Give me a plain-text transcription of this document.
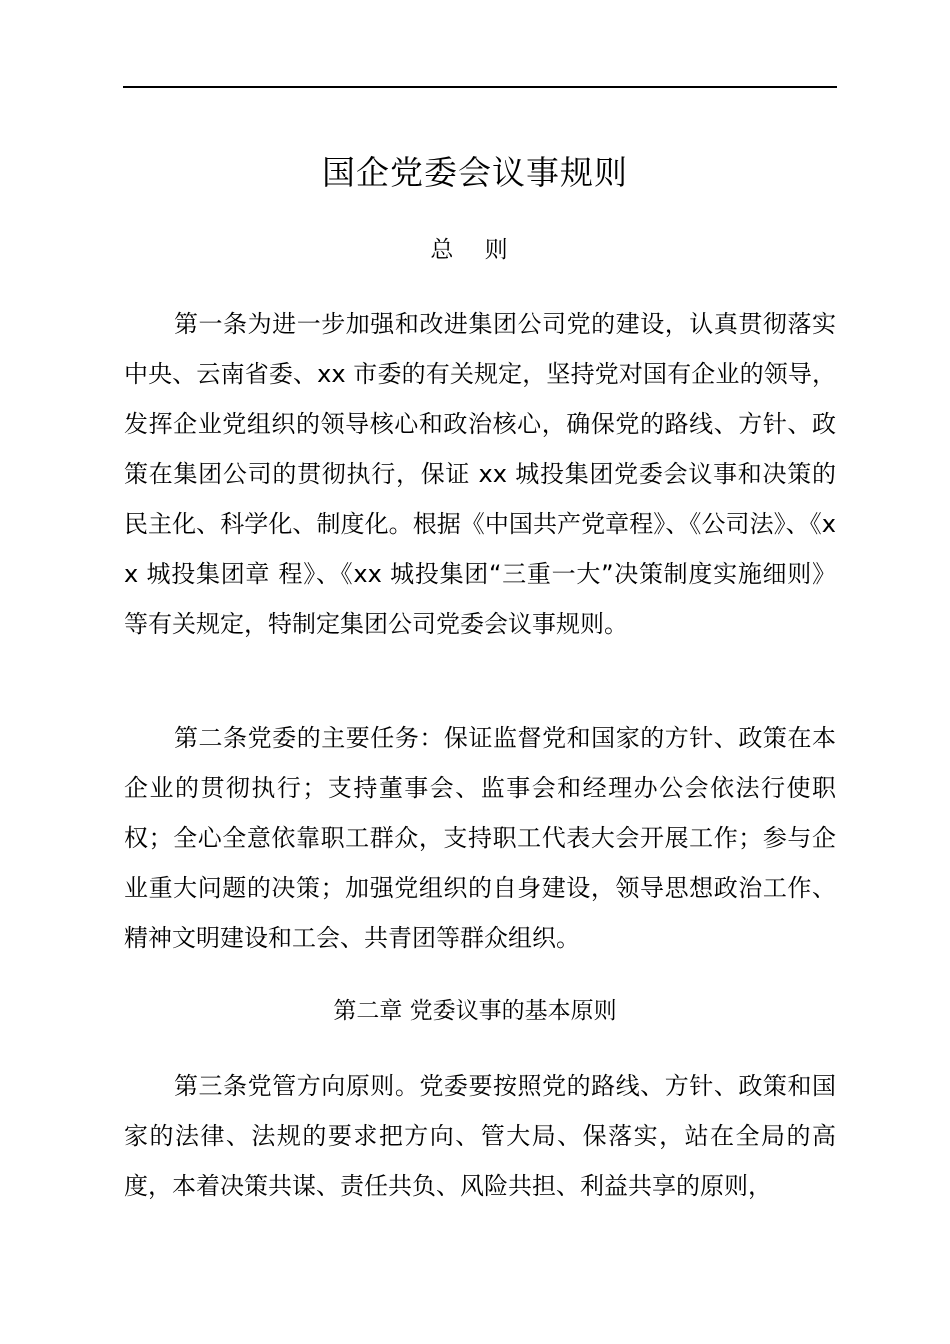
国企党委会议事规则
总 则

第一条为进一步加强和改进集团公司党的建设，认真贯彻落实中央、云南省委、xx 市委的有关规定，坚持党对国有企业的领导，发挥企业党组织的领导核心和政治核心，确保党的路线、方针、政策在集团公司的贯彻执行，保证 xx 城投集团党委会议事和决策的民主化、科学化、制度化。根据《中国共产党章程》、《公司法》、《xx 城投集团章 程》、《xx 城投集团“三重一大”决策制度实施细则》等有关规定，特制定集团公司党委会议事规则。

第二条党委的主要任务：保证监督党和国家的方针、政策在本企业的贯彻执行；支持董事会、监事会和经理办公会依法行使职权；全心全意依靠职工群众，支持职工代表大会开展工作；参与企业重大问题的决策；加强党组织的自身建设，领导思想政治工作、精神文明建设和工会、共青团等群众组织。

第二章 党委议事的基本原则

第三条党管方向原则。党委要按照党的路线、方针、政策和国家的法律、法规的要求把方向、管大局、保落实，站在全局的高度，本着决策共谋、责任共负、风险共担、利益共享的原则，
